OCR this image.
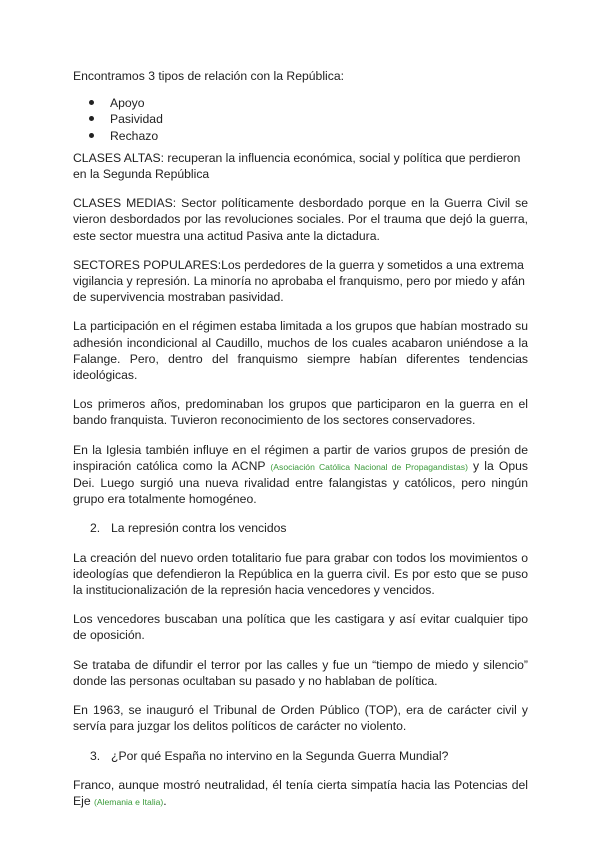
Encontramos 3 tipos de relación con la República:

Apoyo
Pasividad
Rechazo

CLASES ALTAS: recuperan la influencia económica, social y política que perdieron en la Segunda República

CLASES MEDIAS: Sector políticamente desbordado porque en la Guerra Civil se vieron desbordados por las revoluciones sociales. Por el trauma que dejó la guerra, este sector muestra una actitud Pasiva ante la dictadura.

SECTORES POPULARES:Los perdedores de la guerra y sometidos a una extrema vigilancia y represión. La minoría no aprobaba el franquismo, pero por miedo y afán de supervivencia mostraban pasividad.

La participación en el régimen estaba limitada a los grupos que habían mostrado su adhesión incondicional al Caudillo, muchos de los cuales acabaron uniéndose a la Falange. Pero, dentro del franquismo siempre habían diferentes tendencias ideológicas.

Los primeros años, predominaban los grupos que participaron en la guerra en el bando franquista. Tuvieron reconocimiento de los sectores conservadores.

En la Iglesia también influye en el régimen a partir de varios grupos de presión de inspiración católica como la ACNP (Asociación Católica Nacional de Propagandistas) y la Opus Dei. Luego surgió una nueva rivalidad entre falangistas y católicos, pero ningún grupo era totalmente homogéneo.

2. La represión contra los vencidos

La creación del nuevo orden totalitario fue para grabar con todos los movimientos o ideologías que defendieron la República en la guerra civil. Es por esto que se puso la institucionalización de la represión hacia vencedores y vencidos.

Los vencedores buscaban una política que les castigara y así evitar cualquier tipo de oposición.

Se trataba de difundir el terror por las calles y fue un “tiempo de miedo y silencio” donde las personas ocultaban su pasado y no hablaban de política.

En 1963, se inauguró el Tribunal de Orden Público (TOP), era de carácter civil y servía para juzgar los delitos políticos de carácter no violento.

3. ¿Por qué España no intervino en la Segunda Guerra Mundial?

Franco, aunque mostró neutralidad, él tenía cierta simpatía hacia las Potencias del Eje (Alemania e Italia).
